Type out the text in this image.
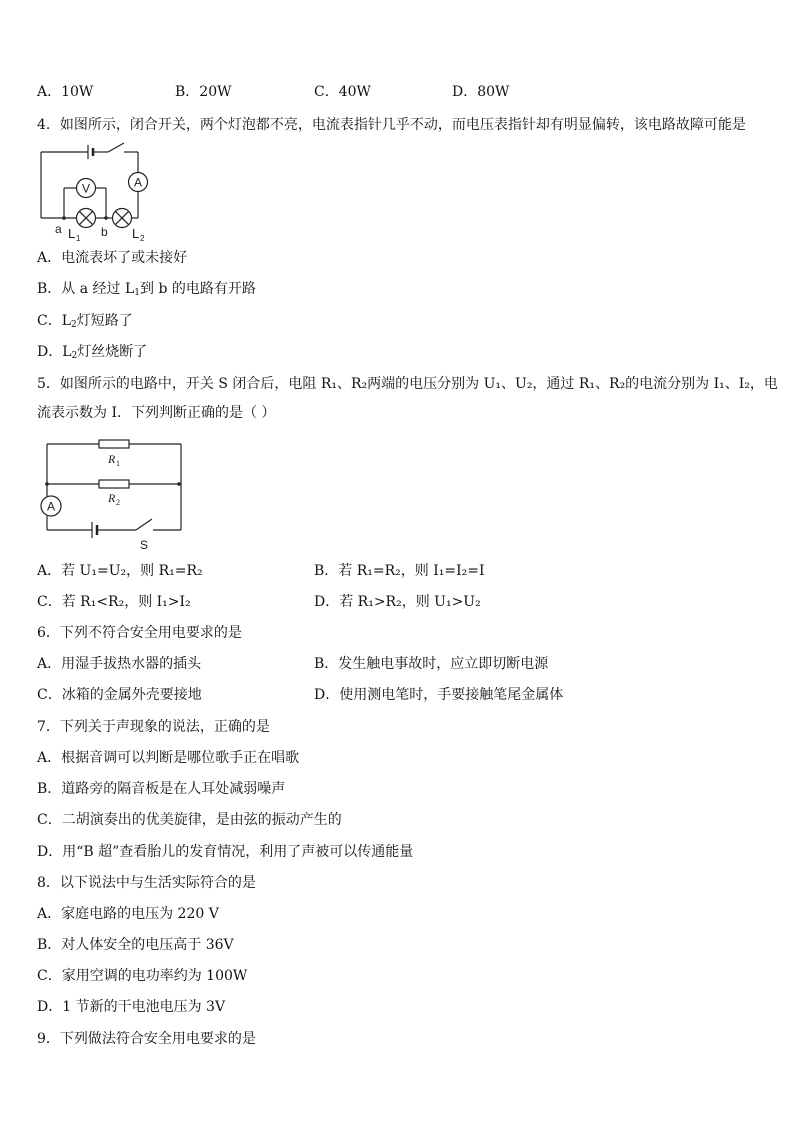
A．10W	B．20W	C．40W	D．80W
4．如图所示，闭合开关，两个灯泡都不亮，电流表指针几乎不动，而电压表指针却有明显偏转，该电路故障可能是
V	A
a L 1 b L 2
A．电流表坏了或未接好
B．从 a 经过 $L_1$到 b 的电路有开路
C．$L_2$灯短路了
D．$L_2$灯丝烧断了
5．如图所示的电路中，开关 S 闭合后，电阻 R₁、R₂两端的电压分别为 U₁、U₂，通过 R₁、R₂的电流分别为 I₁、I₂，电
流表示数为 I．下列判断正确的是（ ）
R 1
R 2
A
S
A．若 U₁=U₂，则 R₁=R₂	B．若 R₁=R₂，则 I₁=I₂=I
C．若 R₁<R₂，则 I₁>I₂	D．若 R₁>R₂，则 U₁>U₂
6．下列不符合安全用电要求的是
A．用湿手拔热水器的插头	B．发生触电事故时，应立即切断电源
C．冰箱的金属外壳要接地	D．使用测电笔时，手要接触笔尾金属体
7．下列关于声现象的说法，正确的是
A．根据音调可以判断是哪位歌手正在唱歌
B．道路旁的隔音板是在人耳处减弱噪声
C．二胡演奏出的优美旋律，是由弦的振动产生的
D．用“B 超”查看胎儿的发育情况，利用了声被可以传通能量
8．以下说法中与生活实际符合的是
A．家庭电路的电压为 220 V
B．对人体安全的电压高于 36V
C．家用空调的电功率约为 100W
D．1 节新的干电池电压为 3V
9．下列做法符合安全用电要求的是
